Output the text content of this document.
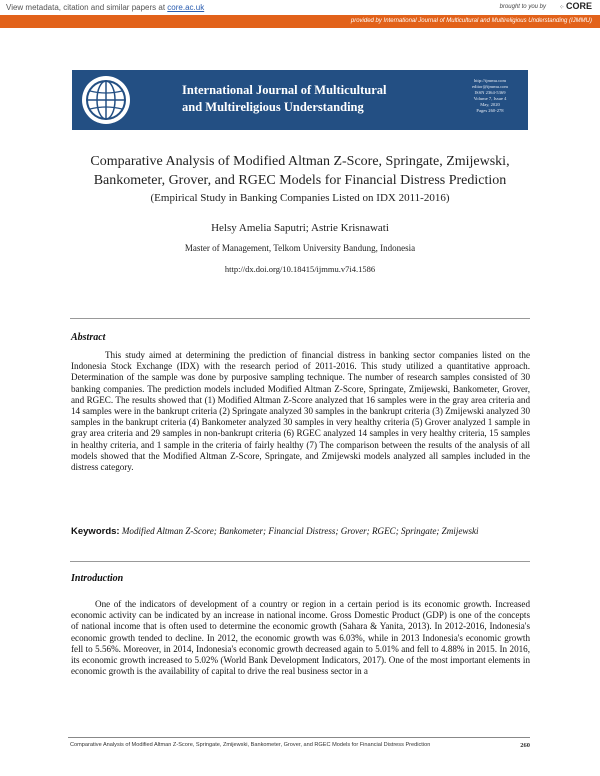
View metadata, citation and similar papers at core.ac.uk	brought to you by ⁘ CORE
provided by International Journal of Multicultural and Multireligious Understanding (IJMMU)
International Journal of Multicultural
and Multireligious Understanding
http://ijmmu.com
editor@ijmmu.com
ISSN 2364-5369
Volume 7, Issue 4
May, 2020
Pages 260-278
Comparative Analysis of Modified Altman Z-Score, Springate, Zmijewski,
Bankometer, Grover, and RGEC Models for Financial Distress Prediction
(Empirical Study in Banking Companies Listed on IDX 2011-2016)
Helsy Amelia Saputri; Astrie Krisnawati
Master of Management, Telkom University Bandung, Indonesia
http://dx.doi.org/10.18415/ijmmu.v7i4.1586
Abstract
This study aimed at determining the prediction of financial distress in banking sector companies listed on the Indonesia Stock Exchange (IDX) with the research period of 2011-2016. This study utilized a quantitative approach. Determination of the sample was done by purposive sampling technique. The number of research samples consisted of 30 banking companies. The prediction models included Modified Altman Z-Score, Springate, Zmijewski, Bankometer, Grover, and RGEC. The results showed that (1) Modified Altman Z-Score analyzed that 16 samples were in the gray area criteria and 14 samples were in the bankrupt criteria (2) Springate analyzed 30 samples in the bankrupt criteria (3) Zmijewski analyzed 30 samples in the bankrupt criteria (4) Bankometer analyzed 30 samples in very healthy criteria (5) Grover analyzed 1 sample in gray area criteria and 29 samples in non-bankrupt criteria (6) RGEC analyzed 14 samples in very healthy criteria, 15 samples in healthy criteria, and 1 sample in the criteria of fairly healthy (7) The comparison between the results of the analysis of all models showed that the Modified Altman Z-Score, Springate, and Zmijewski models analyzed all samples included in the distress category.
Keywords: Modified Altman Z-Score; Bankometer; Financial Distress; Grover; RGEC; Springate; Zmijewski
Introduction
One of the indicators of development of a country or region in a certain period is its economic growth. Increased economic activity can be indicated by an increase in national income. Gross Domestic Product (GDP) is one of the concepts of national income that is often used to determine the economic growth (Sahara & Yanita, 2013). In 2012-2016, Indonesia's economic growth tended to decline. In 2012, the economic growth was 6.03%, while in 2013 Indonesia's economic growth fell to 5.56%. Moreover, in 2014, Indonesia's economic growth decreased again to 5.01% and fell to 4.88% in 2015. In 2016, its economic growth increased to 5.02% (World Bank Development Indicators, 2017). One of the most important elements in economic growth is the availability of capital to drive the real business sector in a
Comparative Analysis of Modified Altman Z-Score, Springate, Zmijewski, Bankometer, Grover, and RGEC Models for Financial Distress Prediction	260
